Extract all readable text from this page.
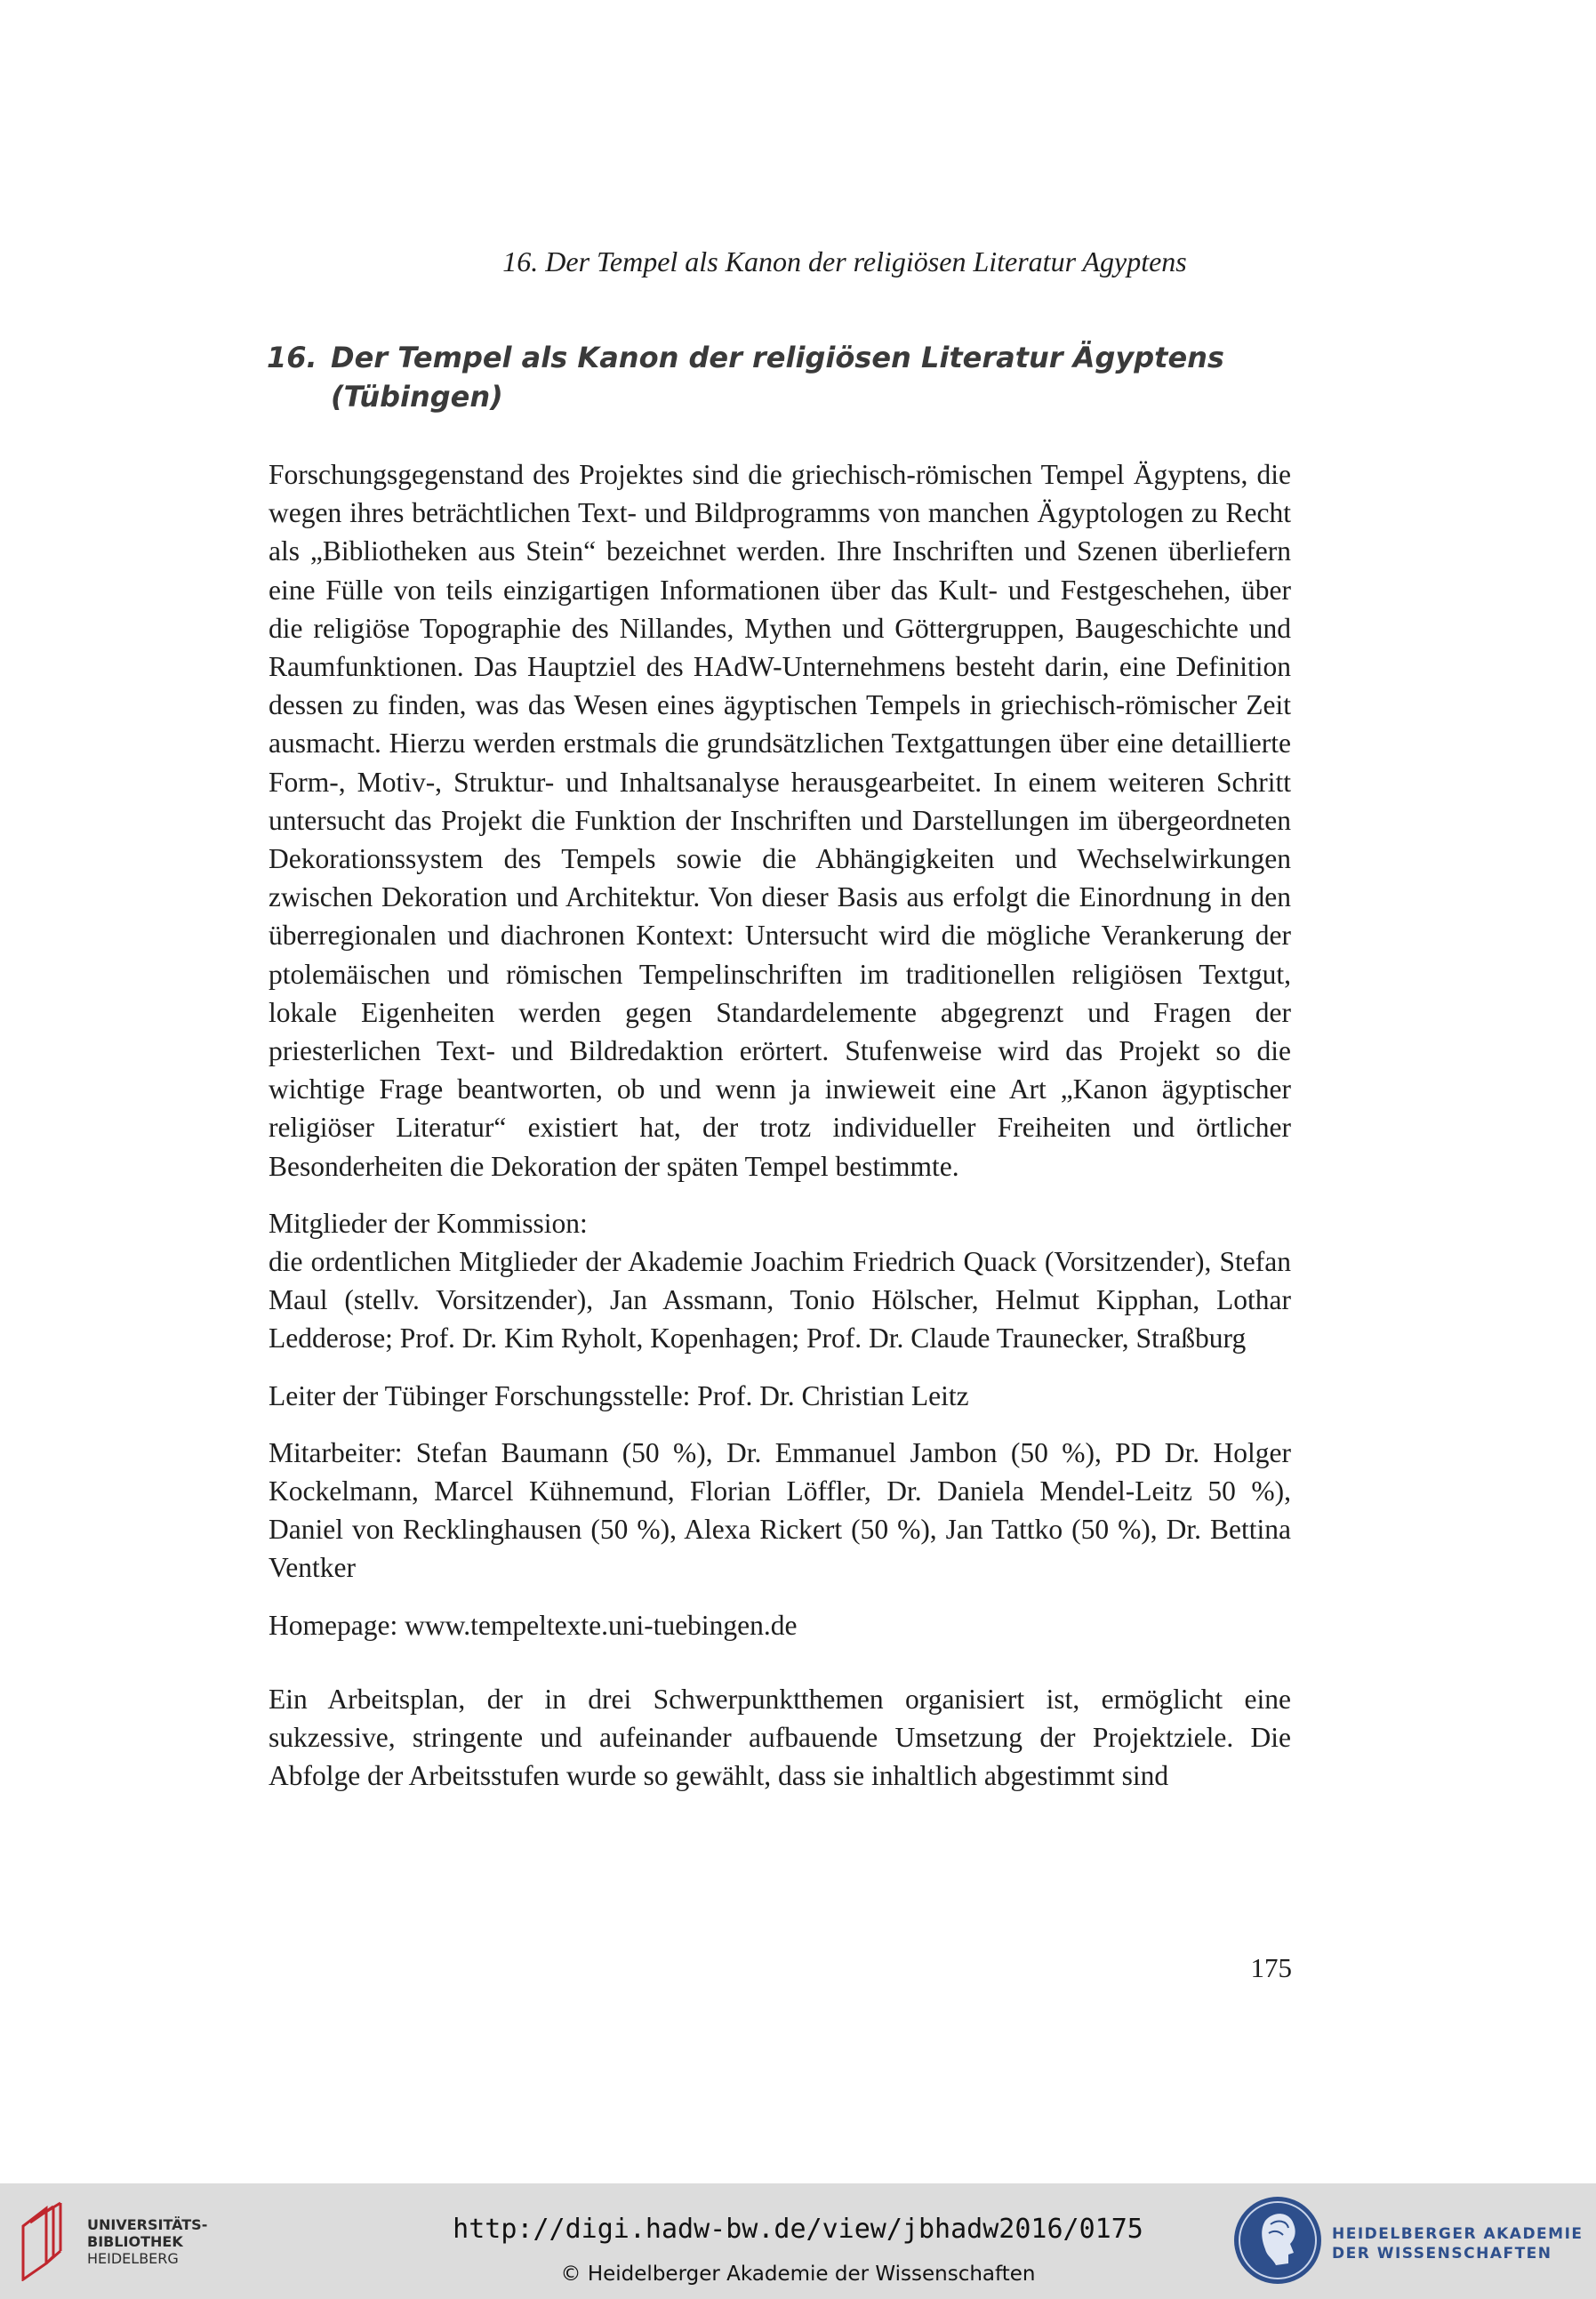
16. Der Tempel als Kanon der religiösen Literatur Agyptens
16. Der Tempel als Kanon der religiösen Literatur Ägyptens
(Tübingen)

Forschungsgegenstand des Projektes sind die griechisch-römischen Tempel Ägyptens, die wegen ihres beträchtlichen Text- und Bildprogramms von manchen Ägyptologen zu Recht als „Bibliotheken aus Stein“ bezeichnet werden. Ihre Inschriften und Szenen überliefern eine Fülle von teils einzigartigen Informationen über das Kult- und Festgeschehen, über die religiöse Topographie des Nillandes, Mythen und Göttergruppen, Baugeschichte und Raumfunktionen. Das Hauptziel des HAdW-Unternehmens besteht darin, eine Definition dessen zu finden, was das Wesen eines ägyptischen Tempels in griechisch-römischer Zeit ausmacht. Hierzu werden erstmals die grundsätzlichen Textgattungen über eine detaillierte Form-, Motiv-, Struktur- und Inhaltsanalyse herausgearbeitet. In einem weiteren Schritt untersucht das Projekt die Funktion der Inschriften und Darstellungen im übergeordneten Dekorationssystem des Tempels sowie die Abhängigkeiten und Wechselwirkungen zwischen Dekoration und Architektur. Von dieser Basis aus erfolgt die Einordnung in den überregionalen und diachronen Kontext: Untersucht wird die mögliche Verankerung der ptolemäischen und römischen Tempelinschriften im traditionellen religiösen Textgut, lokale Eigenheiten werden gegen Standardelemente abgegrenzt und Fragen der priesterlichen Text- und Bildredaktion erörtert. Stufenweise wird das Projekt so die wichtige Frage beantworten, ob und wenn ja inwieweit eine Art „Kanon ägyptischer religiöser Literatur“ existiert hat, der trotz individueller Freiheiten und örtlicher Besonderheiten die Dekoration der späten Tempel bestimmte.

Mitglieder der Kommission:

die ordentlichen Mitglieder der Akademie Joachim Friedrich Quack (Vorsitzender), Stefan Maul (stellv. Vorsitzender), Jan Assmann, Tonio Hölscher, Helmut Kipphan, Lothar Ledderose; Prof. Dr. Kim Ryholt, Kopenhagen; Prof. Dr. Claude Traunecker, Straßburg

Leiter der Tübinger Forschungsstelle: Prof. Dr. Christian Leitz

Mitarbeiter: Stefan Baumann (50 %), Dr. Emmanuel Jambon (50 %), PD Dr. Holger Kockelmann, Marcel Kühnemund, Florian Löffler, Dr. Daniela Mendel-Leitz 50 %), Daniel von Recklinghausen (50 %), Alexa Rickert (50 %), Jan Tattko (50 %), Dr. Bettina Ventker

Homepage: www.tempeltexte.uni-tuebingen.de

Ein Arbeitsplan, der in drei Schwerpunktthemen organisiert ist, ermöglicht eine sukzessive, stringente und aufeinander aufbauende Umsetzung der Projektziele. Die Abfolge der Arbeitsstufen wurde so gewählt, dass sie inhaltlich abgestimmt sind

175
UNIVERSITÄTS-
BIBLIOTHEK
HEIDELBERG
http://digi.hadw-bw.de/view/jbhadw2016/0175
© Heidelberger Akademie der Wissenschaften
HEIDELBERGER AKADEMIE
DER WISSENSCHAFTEN
